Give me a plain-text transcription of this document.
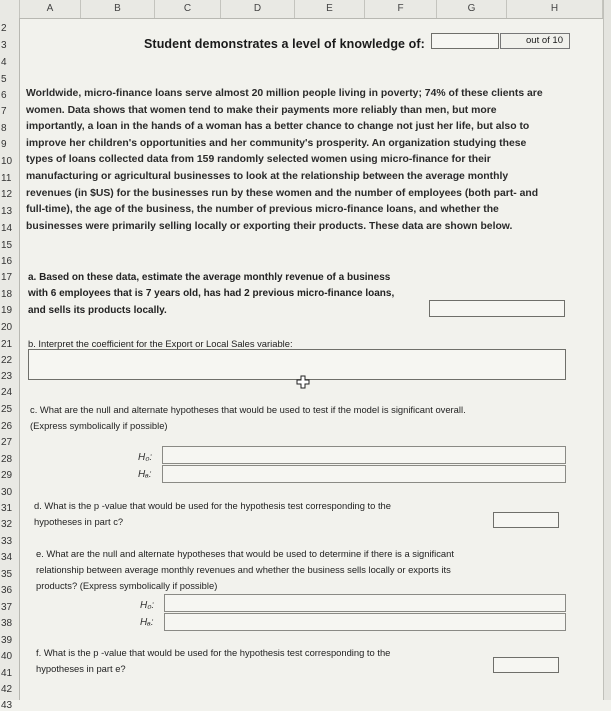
A	B	C	D	E	F	G	H
2
3
4
5
6
7
8
9
10
11
12
13
14
15
16
17
18
19
20
21
22
23
24
25
26
27
28
29
30
31
32
33
34
35
36
37
38
39
40
41
42
43
Student demonstrates a level of knowledge of:	out of 10
Worldwide, micro-finance loans serve almost 20 million people living in poverty; 74% of these clients are
women. Data shows that women tend to make their payments more reliably than men, but more
importantly, a loan in the hands of a woman has a better chance to change not just her life, but also to
improve her children's opportunities and her community's prosperity. An organization studying these
types of loans collected data from 159 randomly selected women using micro-finance for their
manufacturing or agricultural businesses to look at the relationship between the average monthly
revenues (in $US) for the businesses run by these women and the number of employees (both part- and
full-time), the age of the business, the number of previous micro-finance loans, and whether the
businesses were primarily selling locally or exporting their products. These data are shown below.
a. Based on these data, estimate the average monthly revenue of a business
with 6 employees that is 7 years old, has had 2 previous micro-finance loans,
and sells its products locally.
b. Interpret the coefficient for the Export or Local Sales variable:
c. What are the null and alternate hypotheses that would be used to test if the model is significant overall.
(Express symbolically if possible)
H₀:
Hₐ:
d. What is the p -value that would be used for the hypothesis test corresponding to the
hypotheses in part c?
e. What are the null and alternate hypotheses that would be used to determine if there is a significant
relationship between average monthly revenues and whether the business sells locally or exports its
products? (Express symbolically if possible)
H₀:
Hₐ:
f. What is the p -value that would be used for the hypothesis test corresponding to the
hypotheses in part e?
